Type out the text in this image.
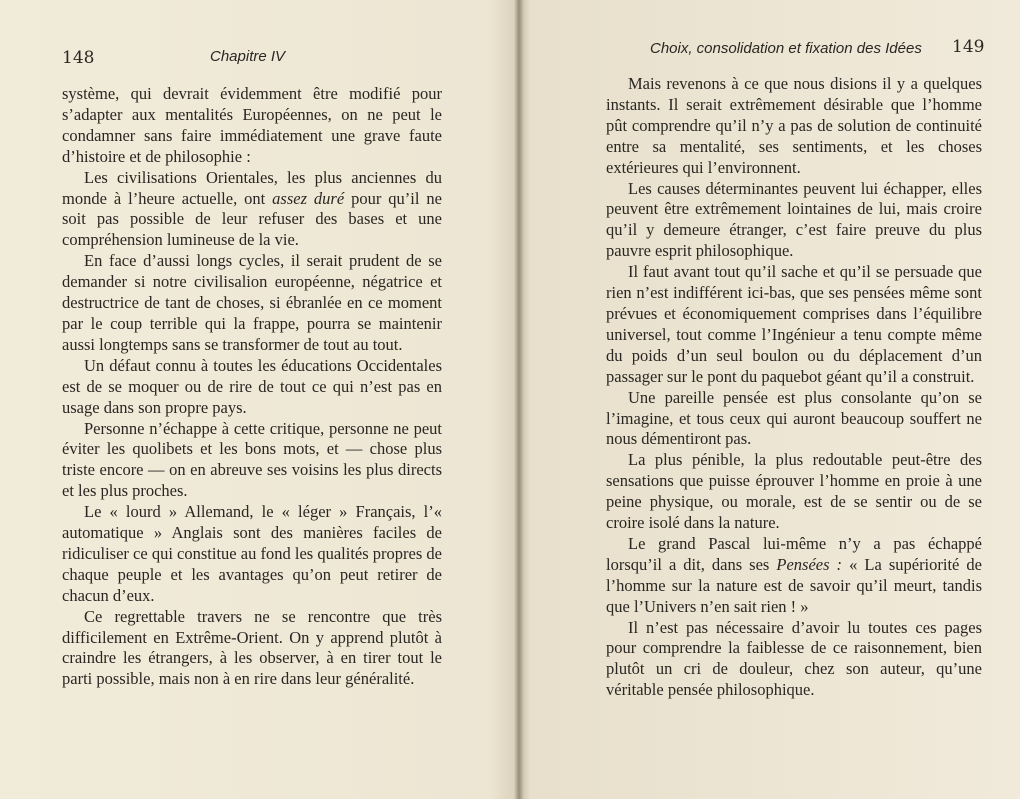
148	Chapitre IV

système, qui devrait évidemment être modifié pour s’adapter aux mentalités Européennes, on ne peut le condamner sans faire immédiatement une grave faute d’histoire et de philosophie :

Les civilisations Orientales, les plus anciennes du monde à l’heure actuelle, ont assez duré pour qu’il ne soit pas possible de leur refuser des bases et une compréhension lumineuse de la vie.

En face d’aussi longs cycles, il serait prudent de se demander si notre civilisalion européenne, négatrice et destructrice de tant de choses, si ébranlée en ce moment par le coup terrible qui la frappe, pourra se maintenir aussi longtemps sans se transformer de tout au tout.

Un défaut connu à toutes les éducations Occidentales est de se moquer ou de rire de tout ce qui n’est pas en usage dans son propre pays.

Personne n’échappe à cette critique, personne ne peut éviter les quolibets et les bons mots, et — chose plus triste encore — on en abreuve ses voisins les plus directs et les plus proches.

Le « lourd » Allemand, le « léger » Français, l’« automatique » Anglais sont des manières faciles de ridiculiser ce qui constitue au fond les qualités propres de chaque peuple et les avantages qu’on peut retirer de chacun d’eux.

Ce regrettable travers ne se rencontre que très difficilement en Extrême-Orient. On y apprend plutôt à craindre les étrangers, à les observer, à en tirer tout le parti possible, mais non à en rire dans leur généralité.

Choix, consolidation et fixation des Idées 149

Mais revenons à ce que nous disions il y a quelques instants. Il serait extrêmement désirable que l’homme pût comprendre qu’il n’y a pas de solution de continuité entre sa mentalité, ses sentiments, et les choses extérieures qui l’environnent.

Les causes déterminantes peuvent lui échapper, elles peuvent être extrêmement lointaines de lui, mais croire qu’il y demeure étranger, c’est faire preuve du plus pauvre esprit philosophique.

Il faut avant tout qu’il sache et qu’il se persuade que rien n’est indifférent ici-bas, que ses pensées même sont prévues et économiquement comprises dans l’équilibre universel, tout comme l’Ingénieur a tenu compte même du poids d’un seul boulon ou du déplacement d’un passager sur le pont du paquebot géant qu’il a construit.

Une pareille pensée est plus consolante qu’on se l’imagine, et tous ceux qui auront beaucoup souffert ne nous démentiront pas.

La plus pénible, la plus redoutable peut-être des sensations que puisse éprouver l’homme en proie à une peine physique, ou morale, est de se sentir ou de se croire isolé dans la nature.

Le grand Pascal lui-même n’y a pas échappé lorsqu’il a dit, dans ses Pensées : « La supériorité de l’homme sur la nature est de savoir qu’il meurt, tandis que l’Univers n’en sait rien ! »

Il n’est pas nécessaire d’avoir lu toutes ces pages pour comprendre la faiblesse de ce raisonnement, bien plutôt un cri de douleur, chez son auteur, qu’une véritable pensée philosophique.
